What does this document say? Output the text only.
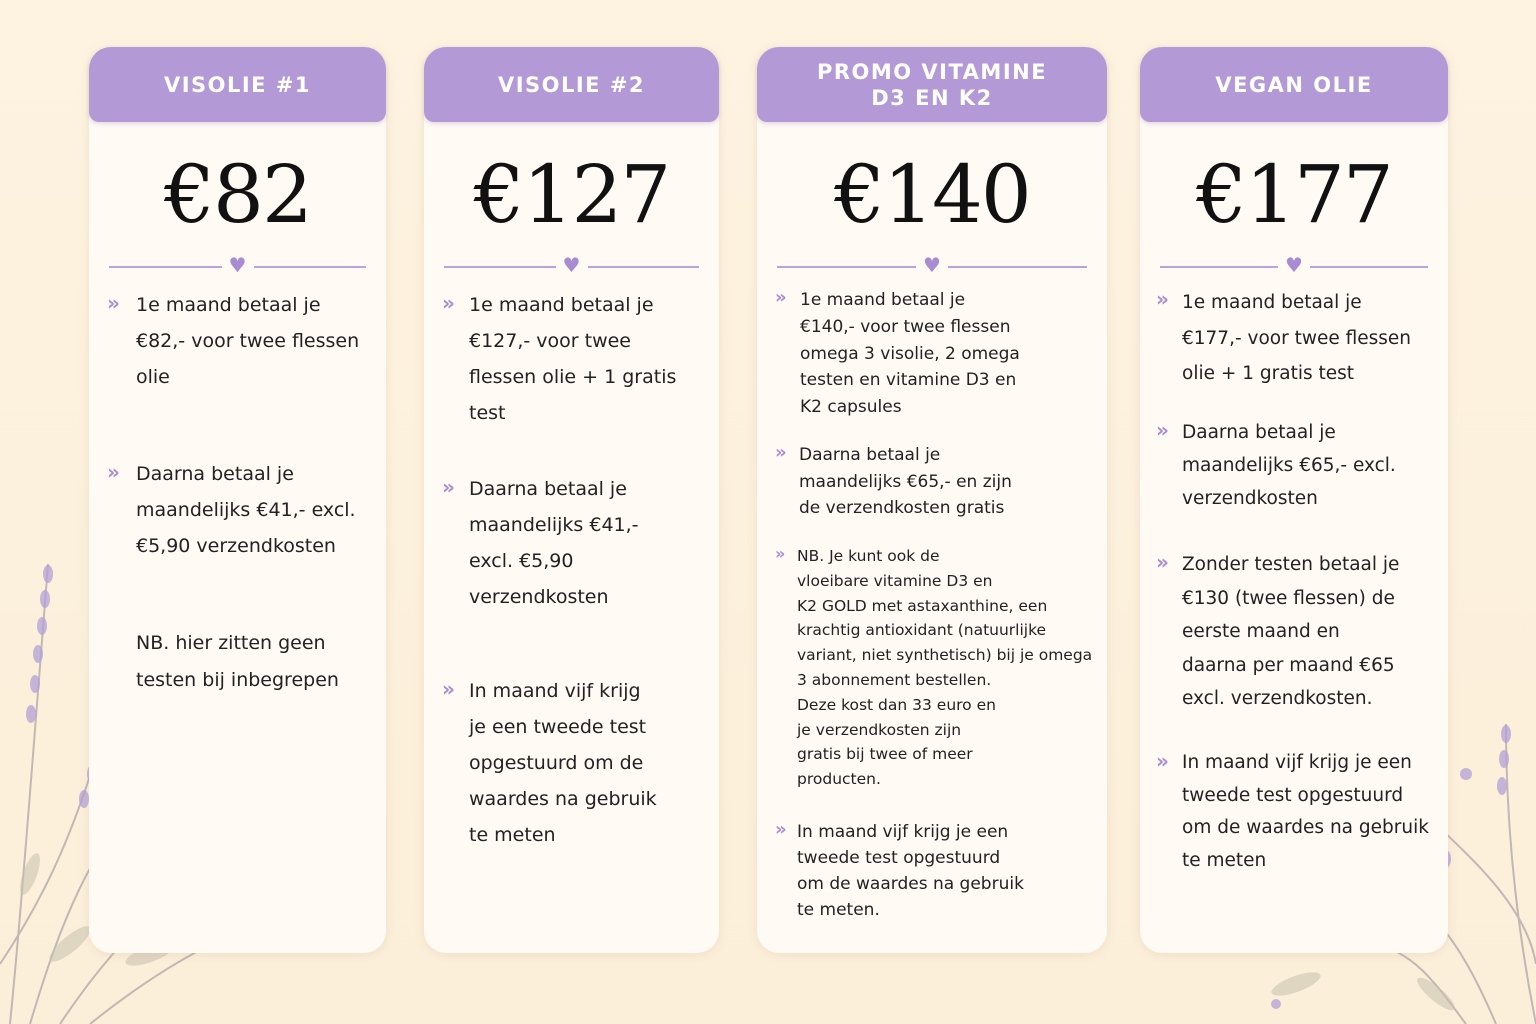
VISOLIE #1
€82
♥
» 1e maand betaal je
€82,- voor twee flessen
olie
» Daarna betaal je
maandelijks €41,- excl.
€5,90 verzendkosten
NB. hier zitten geen
testen bij inbegrepen
VISOLIE #2
€127
♥
» 1e maand betaal je
€127,- voor twee
flessen olie + 1 gratis
test
» Daarna betaal je
maandelijks €41,-
excl. €5,90
verzendkosten
» In maand vijf krijg
je een tweede test
opgestuurd om de
waardes na gebruik
te meten
PROMO VITAMINE
D3 EN K2
€140
♥
» 1e maand betaal je
€140,- voor twee flessen
omega 3 visolie, 2 omega
testen en vitamine D3 en
K2 capsules
» Daarna betaal je
maandelijks €65,- en zijn
de verzendkosten gratis
» NB. Je kunt ook de
vloeibare vitamine D3 en
K2 GOLD met astaxanthine, een
krachtig antioxidant (natuurlijke
variant, niet synthetisch) bij je omega
3 abonnement bestellen.
Deze kost dan 33 euro en
je verzendkosten zijn
gratis bij twee of meer
producten.
» In maand vijf krijg je een
tweede test opgestuurd
om de waardes na gebruik
te meten.
VEGAN OLIE
€177
♥
» 1e maand betaal je
€177,- voor twee flessen
olie + 1 gratis test
» Daarna betaal je
maandelijks €65,- excl.
verzendkosten
» Zonder testen betaal je
€130 (twee flessen) de
eerste maand en
daarna per maand €65
excl. verzendkosten.
» In maand vijf krijg je een
tweede test opgestuurd
om de waardes na gebruik
te meten
